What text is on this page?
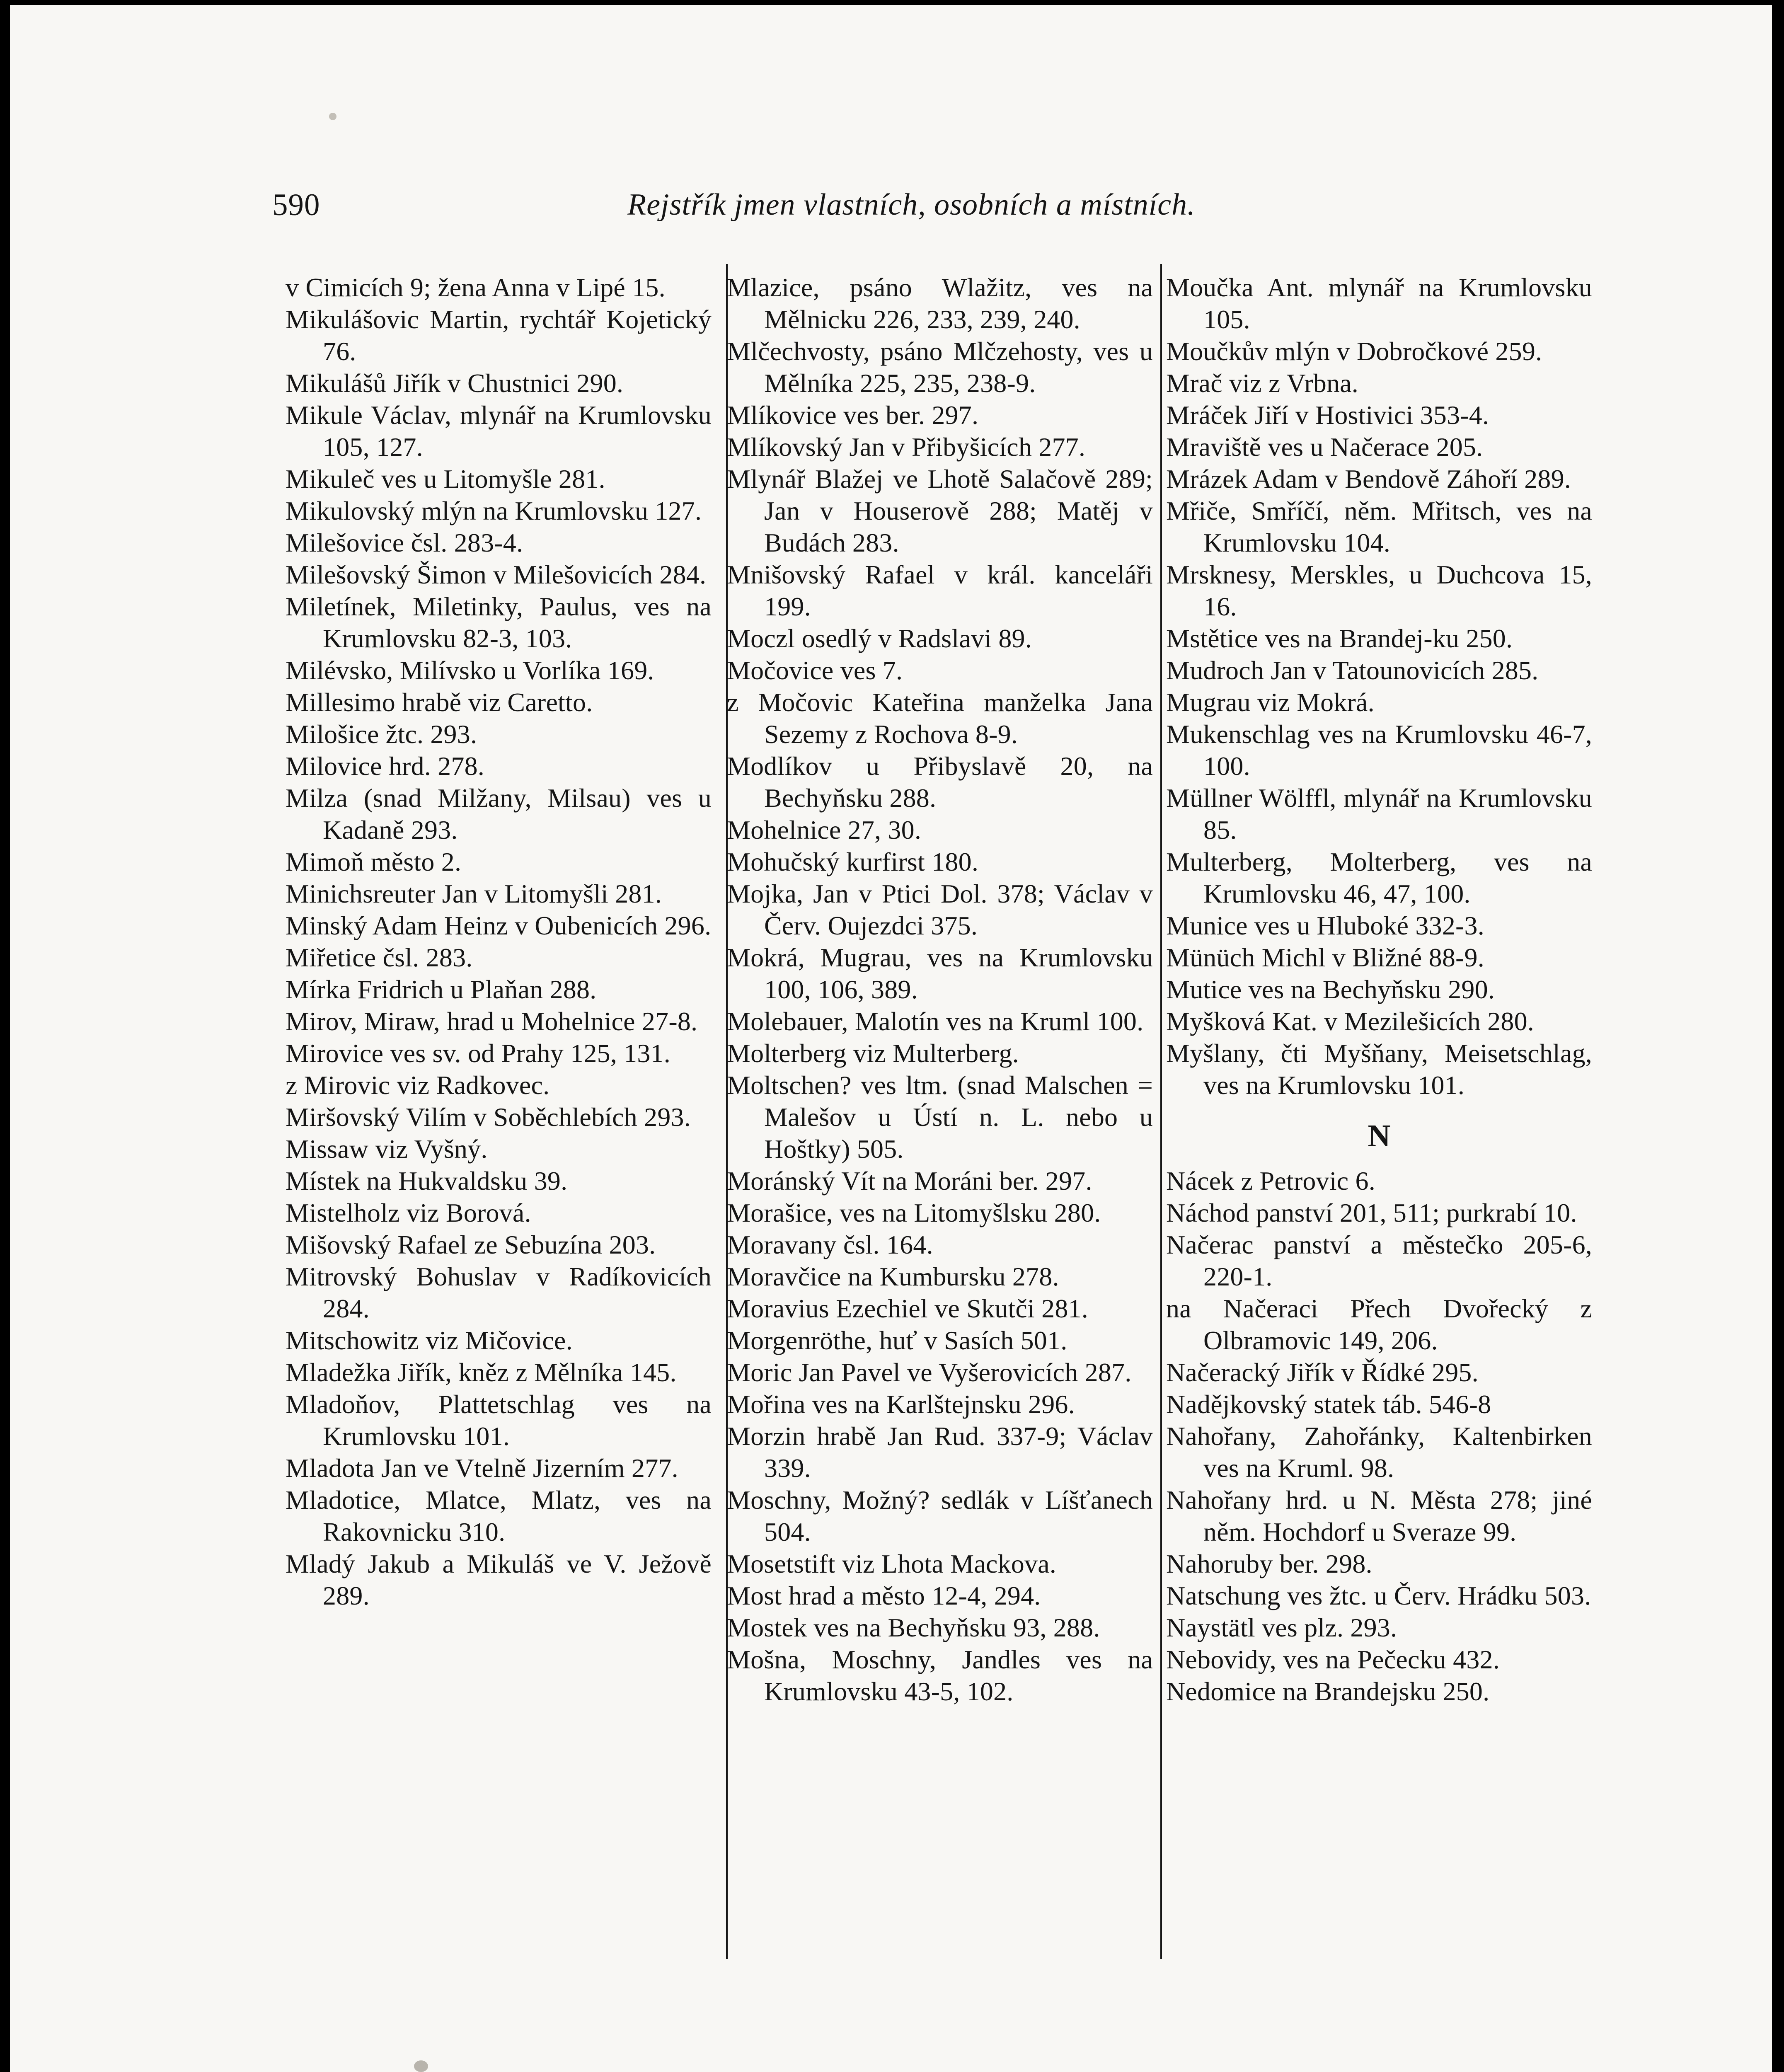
590	Rejstřík jmen vlastních, osobních a místních.

v Cimicích 9; žena Anna v Lipé 15.

Mikulášovic Martin, rychtář Kojetický 76.

Mikulášů Jiřík v Chustnici 290.

Mikule Václav, mlynář na Krumlovsku 105, 127.

Mikuleč ves u Litomyšle 281.

Mikulovský mlýn na Krumlovsku 127.

Milešovice čsl. 283-4.

Milešovský Šimon v Milešovicích 284.

Miletínek, Miletinky, Paulus, ves na Krumlovsku 82-3, 103.

Milévsko, Milívsko u Vorlíka 169.

Millesimo hrabě viz Caretto.

Milošice žtc. 293.

Milovice hrd. 278.

Milza (snad Milžany, Milsau) ves u Kadaně 293.

Mimoň město 2.

Minichsreuter Jan v Litomyšli 281.

Minský Adam Heinz v Oubenicích 296.

Miřetice čsl. 283.

Mírka Fridrich u Plaňan 288.

Mirov, Miraw, hrad u Mohelnice 27-8.

Mirovice ves sv. od Prahy 125, 131.

z Mirovic viz Radkovec.

Miršovský Vilím v Soběchlebích 293.

Missaw viz Vyšný.

Místek na Hukvaldsku 39.

Mistelholz viz Borová.

Mišovský Rafael ze Sebuzína 203.

Mitrovský Bohuslav v Radíkovicích 284.

Mitschowitz viz Mičovice.

Mladežka Jiřík, kněz z Mělníka 145.

Mladoňov, Plattetschlag ves na Krumlovsku 101.

Mladota Jan ve Vtelně Jizerním 277.

Mladotice, Mlatce, Mlatz, ves na Rakovnicku 310.

Mladý Jakub a Mikuláš ve V. Ježově 289.

Mlazice, psáno Wlažitz, ves na Mělnicku 226, 233, 239, 240.

Mlčechvosty, psáno Mlčzehosty, ves u Mělníka 225, 235, 238-9.

Mlíkovice ves ber. 297.

Mlíkovský Jan v Přibyšicích 277.

Mlynář Blažej ve Lhotě Salačově 289; Jan v Houserově 288; Matěj v Budách 283.

Mnišovský Rafael v král. kanceláři 199.

Moczl osedlý v Radslavi 89.

Močovice ves 7.

z Močovic Kateřina manželka Jana Sezemy z Rochova 8-9.

Modlíkov u Přibyslavě 20, na Bechyňsku 288.

Mohelnice 27, 30.

Mohučský kurfirst 180.

Mojka, Jan v Ptici Dol. 378; Václav v Červ. Oujezdci 375.

Mokrá, Mugrau, ves na Krumlovsku 100, 106, 389.

Molebauer, Malotín ves na Kruml 100.

Molterberg viz Multerberg.

Moltschen? ves ltm. (snad Malschen = Malešov u Ústí n. L. nebo u Hoštky) 505.

Moránský Vít na Moráni ber. 297.

Morašice, ves na Litomyšlsku 280.

Moravany čsl. 164.

Moravčice na Kumbursku 278.

Moravius Ezechiel ve Skutči 281.

Morgenröthe, huť v Sasích 501.

Moric Jan Pavel ve Vyšerovicích 287.

Mořina ves na Karlštejnsku 296.

Morzin hrabě Jan Rud. 337-9; Václav 339.

Moschny, Možný? sedlák v Líšťanech 504.

Mosetstift viz Lhota Mackova.

Most hrad a město 12-4, 294.

Mostek ves na Bechyňsku 93, 288.

Mošna, Moschny, Jandles ves na Krumlovsku 43-5, 102.

Moučka Ant. mlynář na Krumlovsku 105.

Moučkův mlýn v Dobročkové 259.

Mrač viz z Vrbna.

Mráček Jiří v Hostivici 353-4.

Mraviště ves u Načerace 205.

Mrázek Adam v Bendově Záhoří 289.

Mřiče, Smříčí, něm. Mřitsch, ves na Krumlovsku 104.

Mrsknesy, Merskles, u Duchcova 15, 16.

Mstětice ves na Brandej-ku 250.

Mudroch Jan v Tatounovicích 285.

Mugrau viz Mokrá.

Mukenschlag ves na Krumlovsku 46-7, 100.

Müllner Wölffl, mlynář na Krumlovsku 85.

Multerberg, Molterberg, ves na Krumlovsku 46, 47, 100.

Munice ves u Hluboké 332-3.

Münüch Michl v Bližné 88-9.

Mutice ves na Bechyňsku 290.

Myšková Kat. v Mezilešicích 280.

Myšlany, čti Myšňany, Meisetschlag, ves na Krumlovsku 101.

N

Nácek z Petrovic 6.

Náchod panství 201, 511; purkrabí 10.

Načerac panství a městečko 205-6, 220-1.

na Načeraci Přech Dvořecký z Olbramovic 149, 206.

Načeracký Jiřík v Řídké 295.

Nadějkovský statek táb. 546-8

Nahořany, Zahořánky, Kaltenbirken ves na Kruml. 98.

Nahořany hrd. u N. Města 278; jiné něm. Hochdorf u Sveraze 99.

Nahoruby ber. 298.

Natschung ves žtc. u Červ. Hrádku 503.

Naystätl ves plz. 293.

Nebovidy, ves na Pečecku 432.

Nedomice na Brandejsku 250.
